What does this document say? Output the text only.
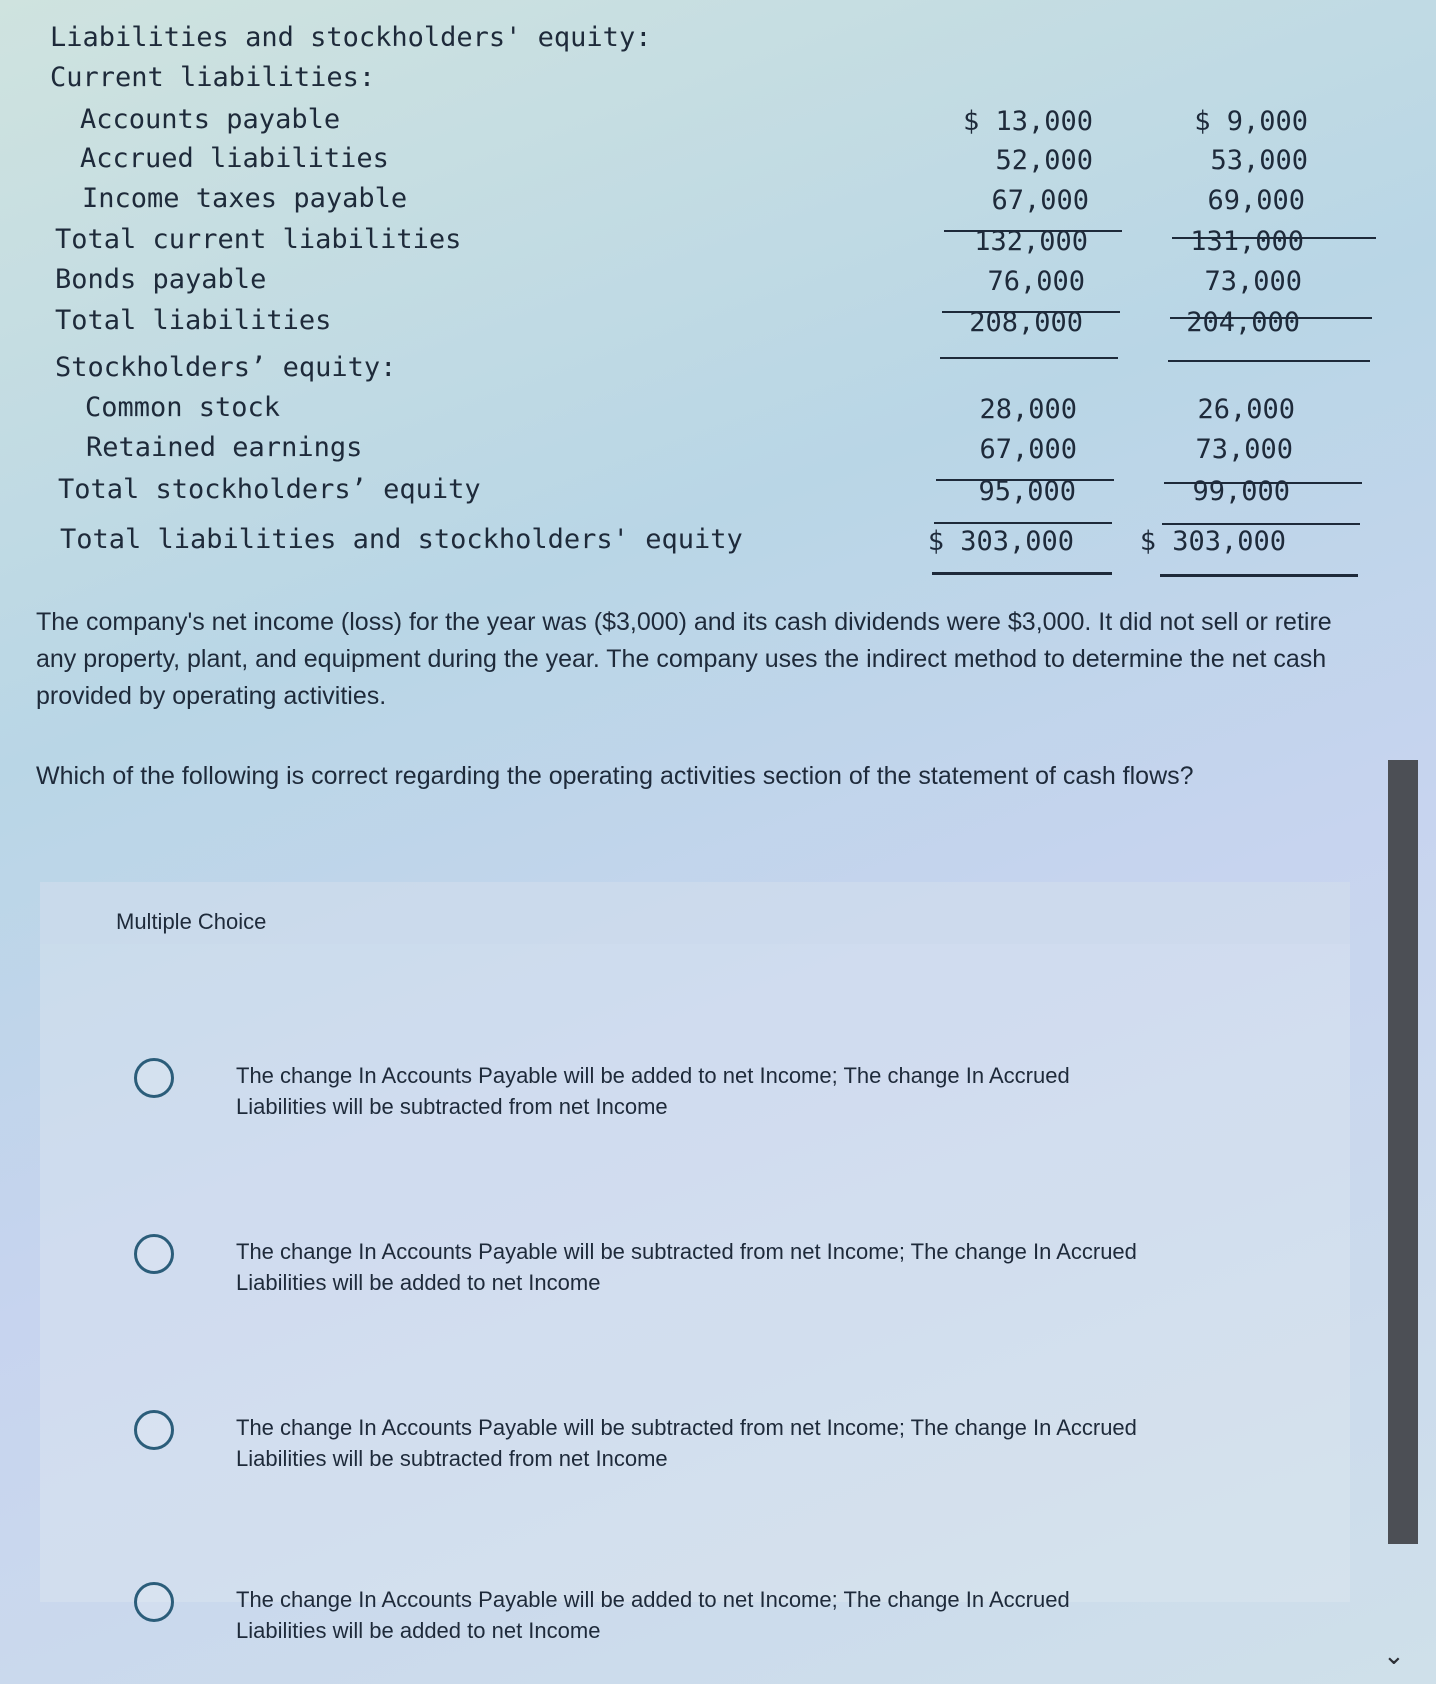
Liabilities and stockholders' equity:
Current liabilities:
Accounts payable	$ 13,000	$ 9,000
Accrued liabilities	52,000	53,000
Income taxes payable	67,000	69,000
Total current liabilities	132,000	131,000
Bonds payable	76,000	73,000
Total liabilities	208,000	204,000
Stockholders’ equity:
Common stock	28,000	26,000
Retained earnings	67,000	73,000
Total stockholders’ equity	95,000	99,000
Total liabilities and stockholders' equity	$ 303,000 $ 303,000
The company's net income (loss) for the year was ($3,000) and its cash dividends were $3,000. It did not sell or retire any property, plant, and equipment during the year. The company uses the indirect method to determine the net cash provided by operating activities.
Which of the following is correct regarding the operating activities section of the statement of cash flows?
Multiple Choice
The change In Accounts Payable will be added to net Income; The change In Accrued Liabilities will be subtracted from net Income
The change In Accounts Payable will be subtracted from net Income; The change In Accrued Liabilities will be added to net Income
The change In Accounts Payable will be subtracted from net Income; The change In Accrued Liabilities will be subtracted from net Income
The change In Accounts Payable will be added to net Income; The change In Accrued Liabilities will be added to net Income
⌄
